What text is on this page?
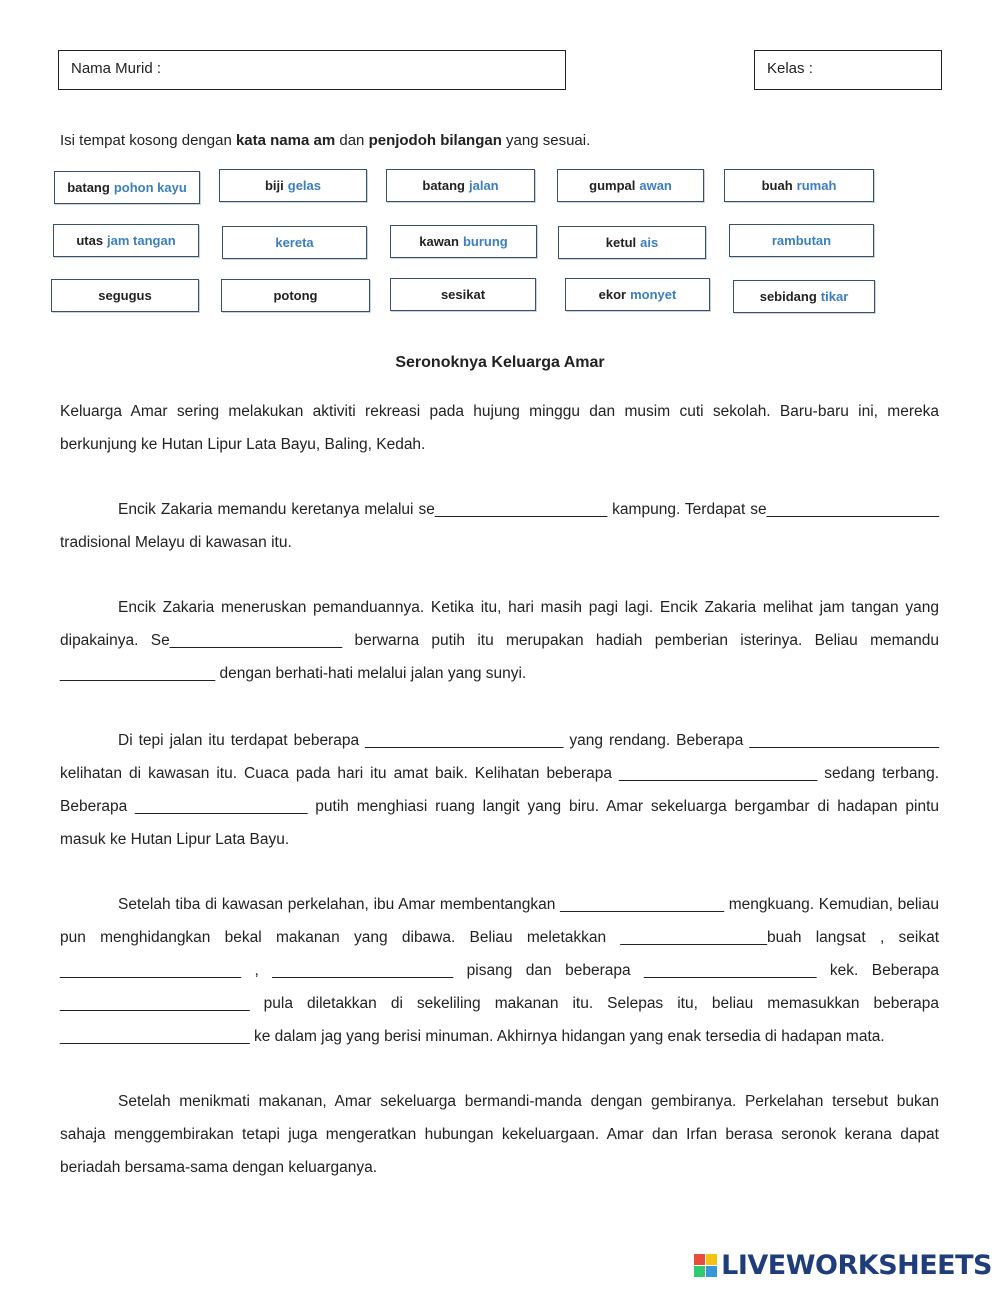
Nama Murid :	Kelas :
Isi tempat kosong dengan kata nama am dan penjodoh bilangan yang sesuai.
batang pohon kayu	biji gelas	batang jalan	gumpal awan	buah rumah
utas jam tangan	kereta	kawan burung	ketul ais	rambutan
segugus	potong	sesikat	ekor monyet	sebidang tikar
Seronoknya Keluarga Amar
Keluarga Amar sering melakukan aktiviti rekreasi pada hujung minggu dan musim cuti sekolah. Baru-baru ini, mereka berkunjung ke Hutan Lipur Lata Bayu, Baling, Kedah.
Encik Zakaria memandu keretanya melalui se____________________ kampung. Terdapat se____________________ tradisional Melayu di kawasan itu.
Encik Zakaria meneruskan pemanduannya. Ketika itu, hari masih pagi lagi. Encik Zakaria melihat jam tangan yang dipakainya. Se____________________ berwarna putih itu merupakan hadiah pemberian isterinya. Beliau memandu __________________ dengan berhati-hati melalui jalan yang sunyi.
Di tepi jalan itu terdapat beberapa _______________________ yang rendang. Beberapa ______________________ kelihatan di kawasan itu. Cuaca pada hari itu amat baik. Kelihatan beberapa _______________________ sedang terbang. Beberapa ____________________ putih menghiasi ruang langit yang biru. Amar sekeluarga bergambar di hadapan pintu masuk ke Hutan Lipur Lata Bayu.
Setelah tiba di kawasan perkelahan, ibu Amar membentangkan ___________________ mengkuang. Kemudian, beliau pun menghidangkan bekal makanan yang dibawa. Beliau meletakkan _________________buah langsat , seikat _____________________ , _____________________ pisang dan beberapa ____________________ kek. Beberapa ______________________ pula diletakkan di sekeliling makanan itu. Selepas itu, beliau memasukkan beberapa ______________________ ke dalam jag yang berisi minuman. Akhirnya hidangan yang enak tersedia di hadapan mata.
Setelah menikmati makanan, Amar sekeluarga bermandi-manda dengan gembiranya. Perkelahan tersebut bukan sahaja menggembirakan tetapi juga mengeratkan hubungan kekeluargaan. Amar dan Irfan berasa seronok kerana dapat beriadah bersama-sama dengan keluarganya.
LIVEWORKSHEETS
